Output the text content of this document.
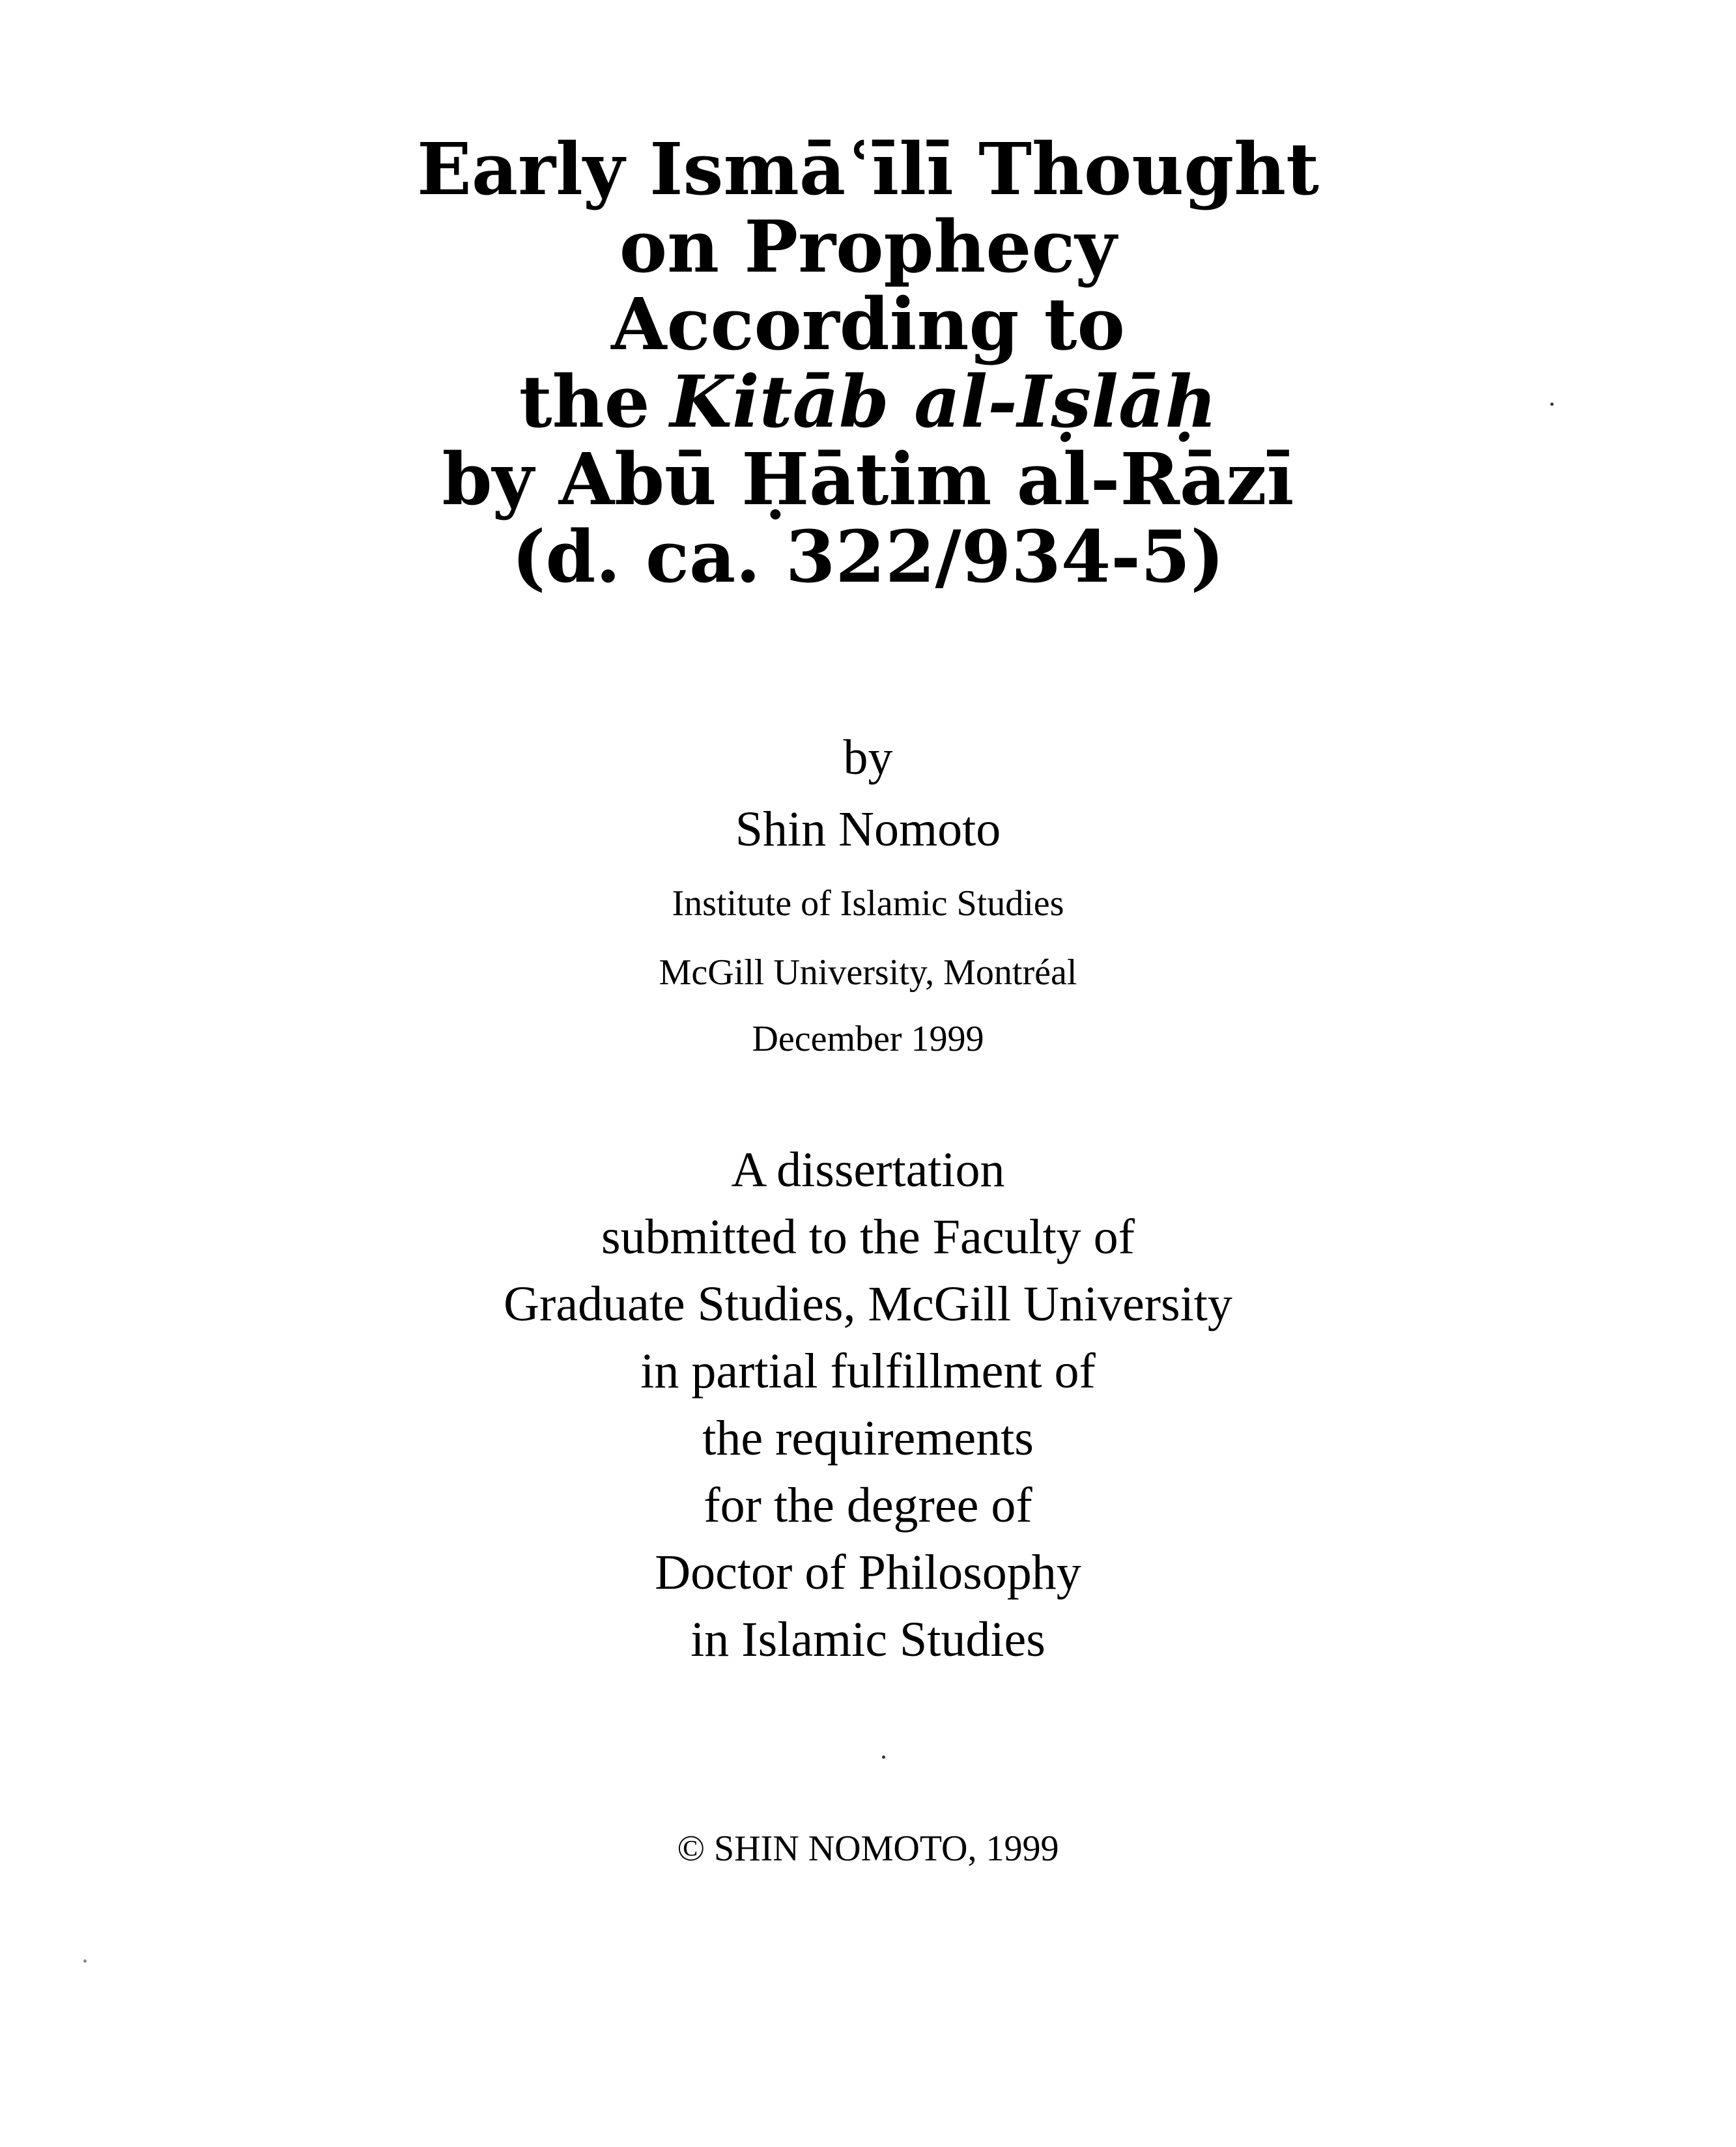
Early Ismāʿīlī Thought
on Prophecy
According to
the Kitāb al-Iṣlāḥ
by Abū Ḥātim al-Rāzī
(d. ca. 322/934-5)
by
Shin Nomoto
Institute of Islamic Studies
McGill University, Montréal
December 1999
A dissertation
submitted to the Faculty of
Graduate Studies, McGill University
in partial fulfillment of
the requirements
for the degree of
Doctor of Philosophy
in Islamic Studies
© SHIN NOMOTO, 1999
